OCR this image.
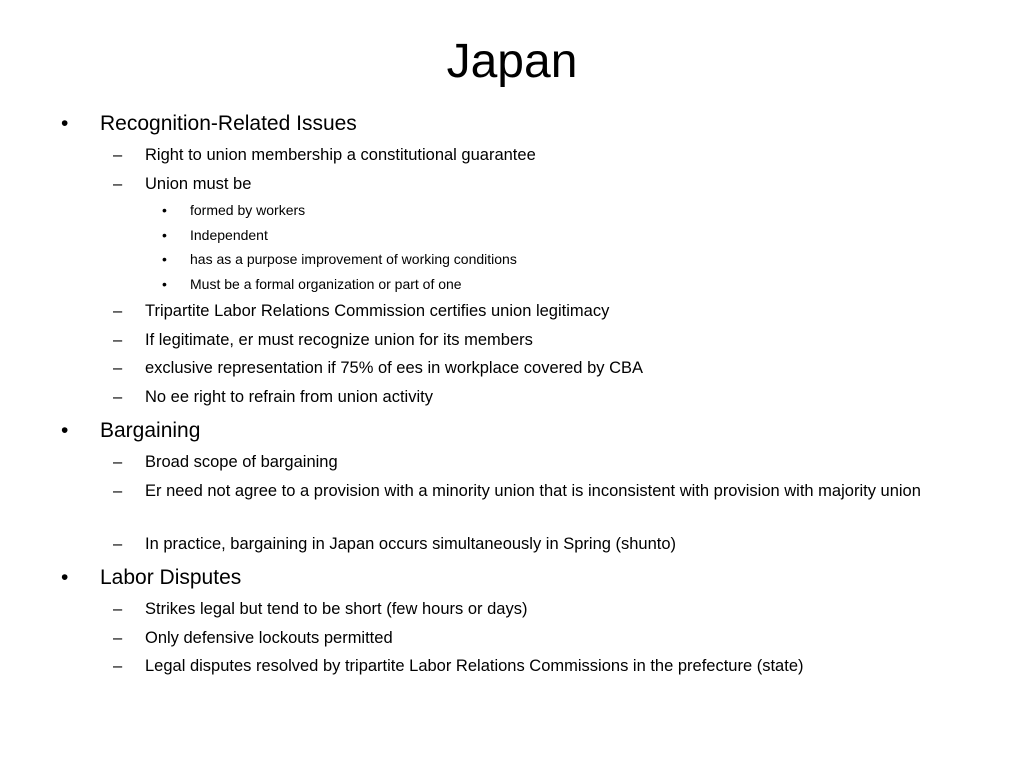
Japan
• Recognition-Related Issues
– Right to union membership a constitutional guarantee
– Union must be
• formed by workers
• Independent
• has as a purpose improvement of working conditions
• Must be a formal organization or part of one
– Tripartite Labor Relations Commission certifies union legitimacy
– If legitimate, er must recognize union for its members
– exclusive representation if 75% of ees in workplace covered by CBA
– No ee right to refrain from union activity
• Bargaining
– Broad scope of bargaining
– Er need not agree to a provision with a minority union that is inconsistent with provision with majority union
– In practice, bargaining in Japan occurs simultaneously in Spring (shunto)
• Labor Disputes
– Strikes legal but tend to be short (few hours or days)
– Only defensive lockouts permitted
– Legal disputes resolved by tripartite Labor Relations Commissions in the prefecture (state)
